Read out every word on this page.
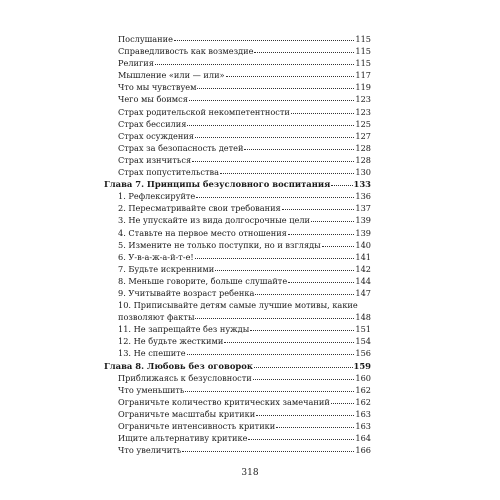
Послушание	115
Справедливость как возмездие	115
Религия	115
Мышление «или — или»	117
Что мы чувствуем	119
Чего мы боимся	123
Страх родительской некомпетентности	123
Страх бессилия	125
Страх осуждения	127
Страх за безопасность детей	128
Страх изнчиться	128
Страх попустительства	130
Глава 7. Принципы безусловного воспитания	133
1. Рефлексируйте	136
2. Пересматривайте свои требования	137
3. Не упускайте из вида долгосрочные цели	139
4. Ставьте на первое место отношения	139
5. Измените не только поступки, но и взгляды	140
6. У-в-а-ж-а-й-т-е!	141
7. Будьте искренними	142
8. Меньше говорите, больше слушайте	144
9. Учитывайте возраст ребенка	147
10. Приписывайте детям самые лучшие мотивы, какие
позволяют факты	148
11. Не запрещайте без нужды	151
12. Не будьте жесткими	154
13. Не спешите	156
Глава 8. Любовь без оговорок	159
Приближаясь к безусловности	160
Что уменьшить	162
Ограничьте количество критических замечаний	162
Ограничьте масштабы критики	163
Ограничьте интенсивность критики	163
Ищите альтернативу критике	164
Что увеличить	166
318
